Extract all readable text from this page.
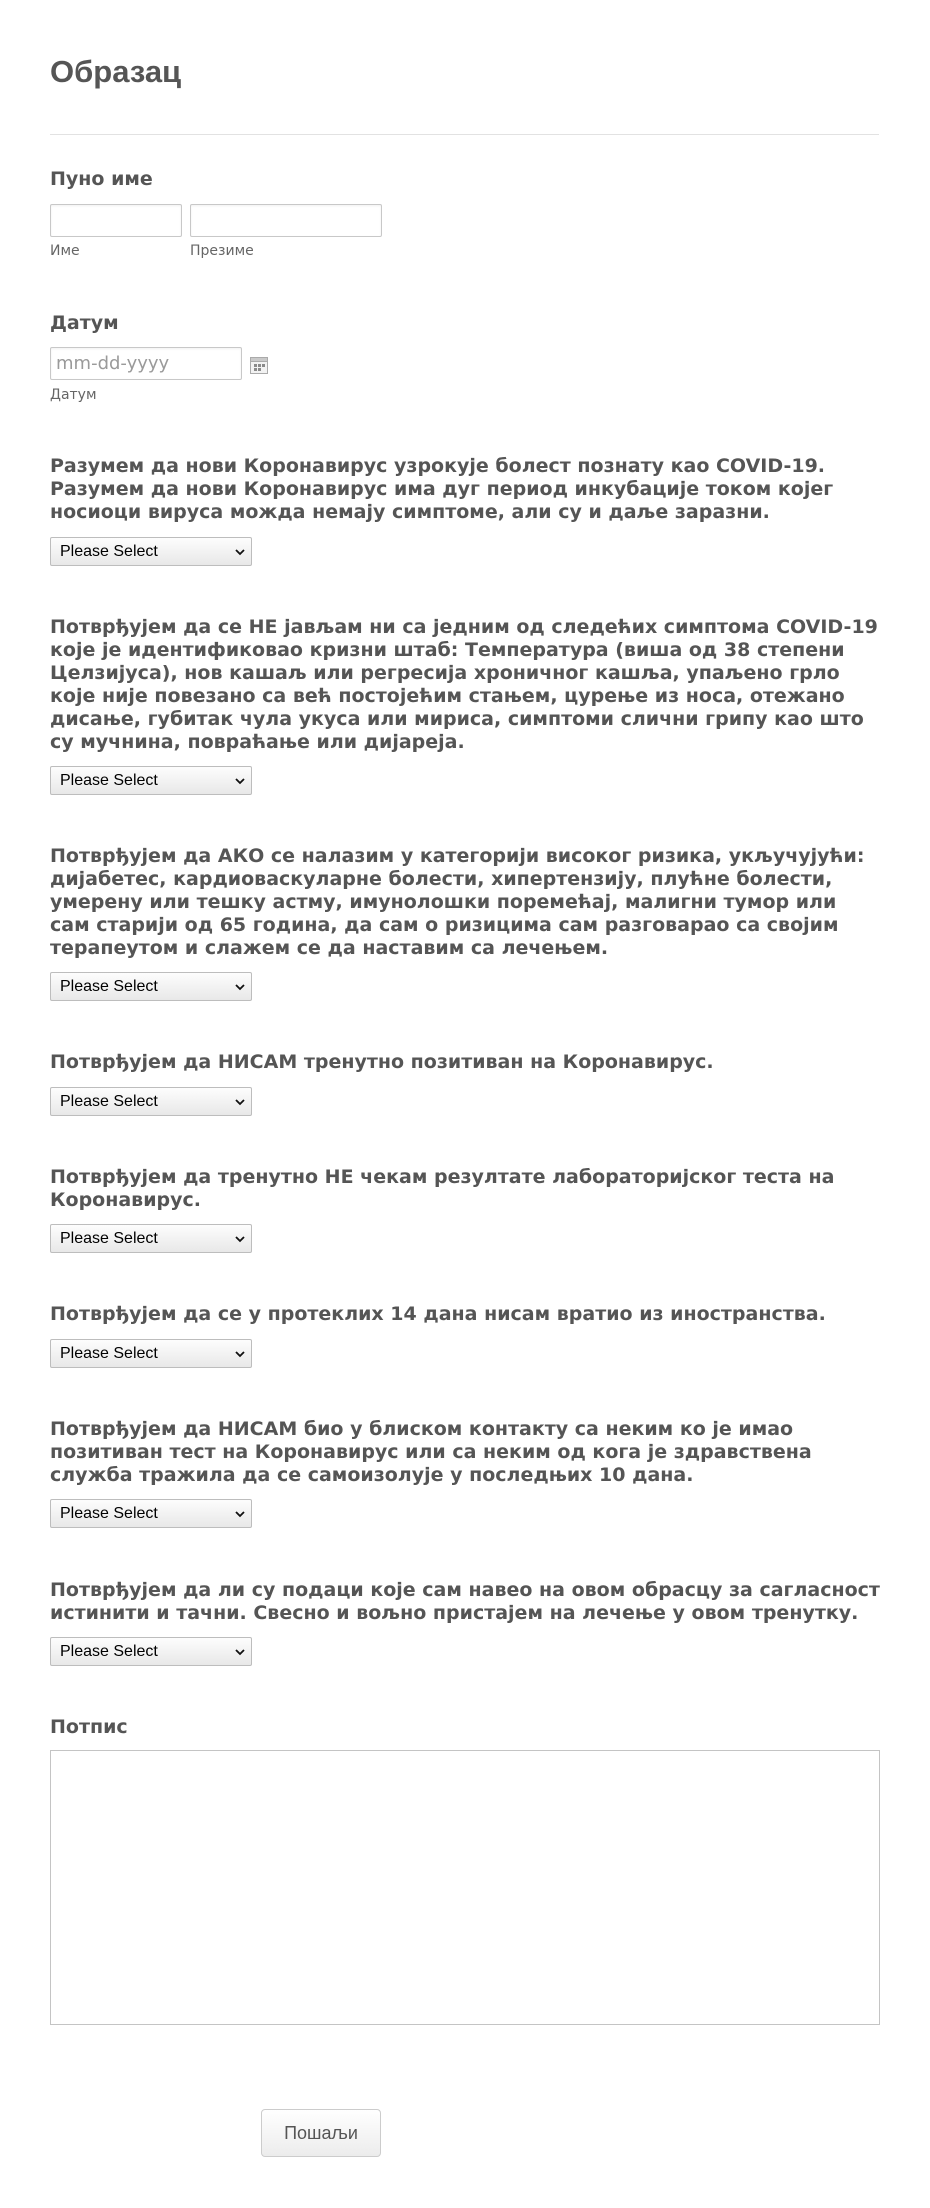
Образац
Пуно име
Име	Презиме
Датум
mm-dd-yyyy
Датум
Разумем да нови Коронавирус узрокује болест познату као COVID-19. Разумем да нови Коронавирус има дуг период инкубације током којег носиоци вируса можда немају симптоме, али су и даље заразни.
Please Select
Потврђујем да се НЕ јављам ни са једним од следећих симптома COVID-19 које је идентификовао кризни штаб: Температура (виша од 38 степени Целзијуса), нов кашаљ или регресија хроничног кашља, упаљено грло које није повезано са већ постојећим стањем, цурење из носа, отежано дисање, губитак чула укуса или мириса, симптоми слични грипу као што су мучнина, повраћање или дијареја.
Please Select
Потврђујем да АКО се налазим у категорији високог ризика, укључујући: дијабетес, кардиоваскуларне болести, хипертензију, плућне болести, умерену или тешку астму, имунолошки поремећај, малигни тумор или сам старији од 65 година, да сам о ризицима сам разговарао са својим терапеутом и слажем се да наставим са лечењем.
Please Select
Потврђујем да НИСАМ тренутно позитиван на Коронавирус.
Please Select
Потврђујем да тренутно НЕ чекам резултате лабораторијског теста на Коронавирус.
Please Select
Потврђујем да се у протеклих 14 дана нисам вратио из иностранства.
Please Select
Потврђујем да НИСАМ био у блиском контакту са неким ко је имао позитиван тест на Коронавирус или са неким од кога је здравствена служба тражила да се самоизолује у последњих 10 дана.
Please Select
Потврђујем да ли су подаци које сам навео на овом обрасцу за сагласност истинити и тачни. Свесно и вољно пристајем на лечење у овом тренутку.
Please Select
Потпис
Пошаљи
